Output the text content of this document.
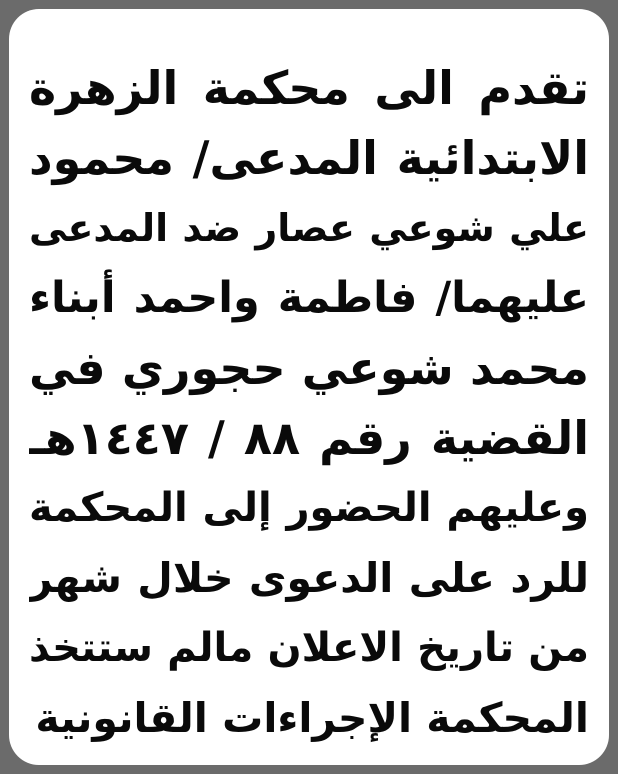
تقدم الى محكمة الزهرة
الابتدائية المدعى/ محمود
علي شوعي عصار ضد المدعى
عليهما/ فاطمة واحمد أبناء
محمد شوعي حجوري في
القضية رقم ٨٨ / ١٤٤٧هـ
وعليهم الحضور إلى المحكمة
للرد على الدعوى خلال شهر
من تاريخ الاعلان مالم ستتخذ
المحكمة الإجراءات القانونية
